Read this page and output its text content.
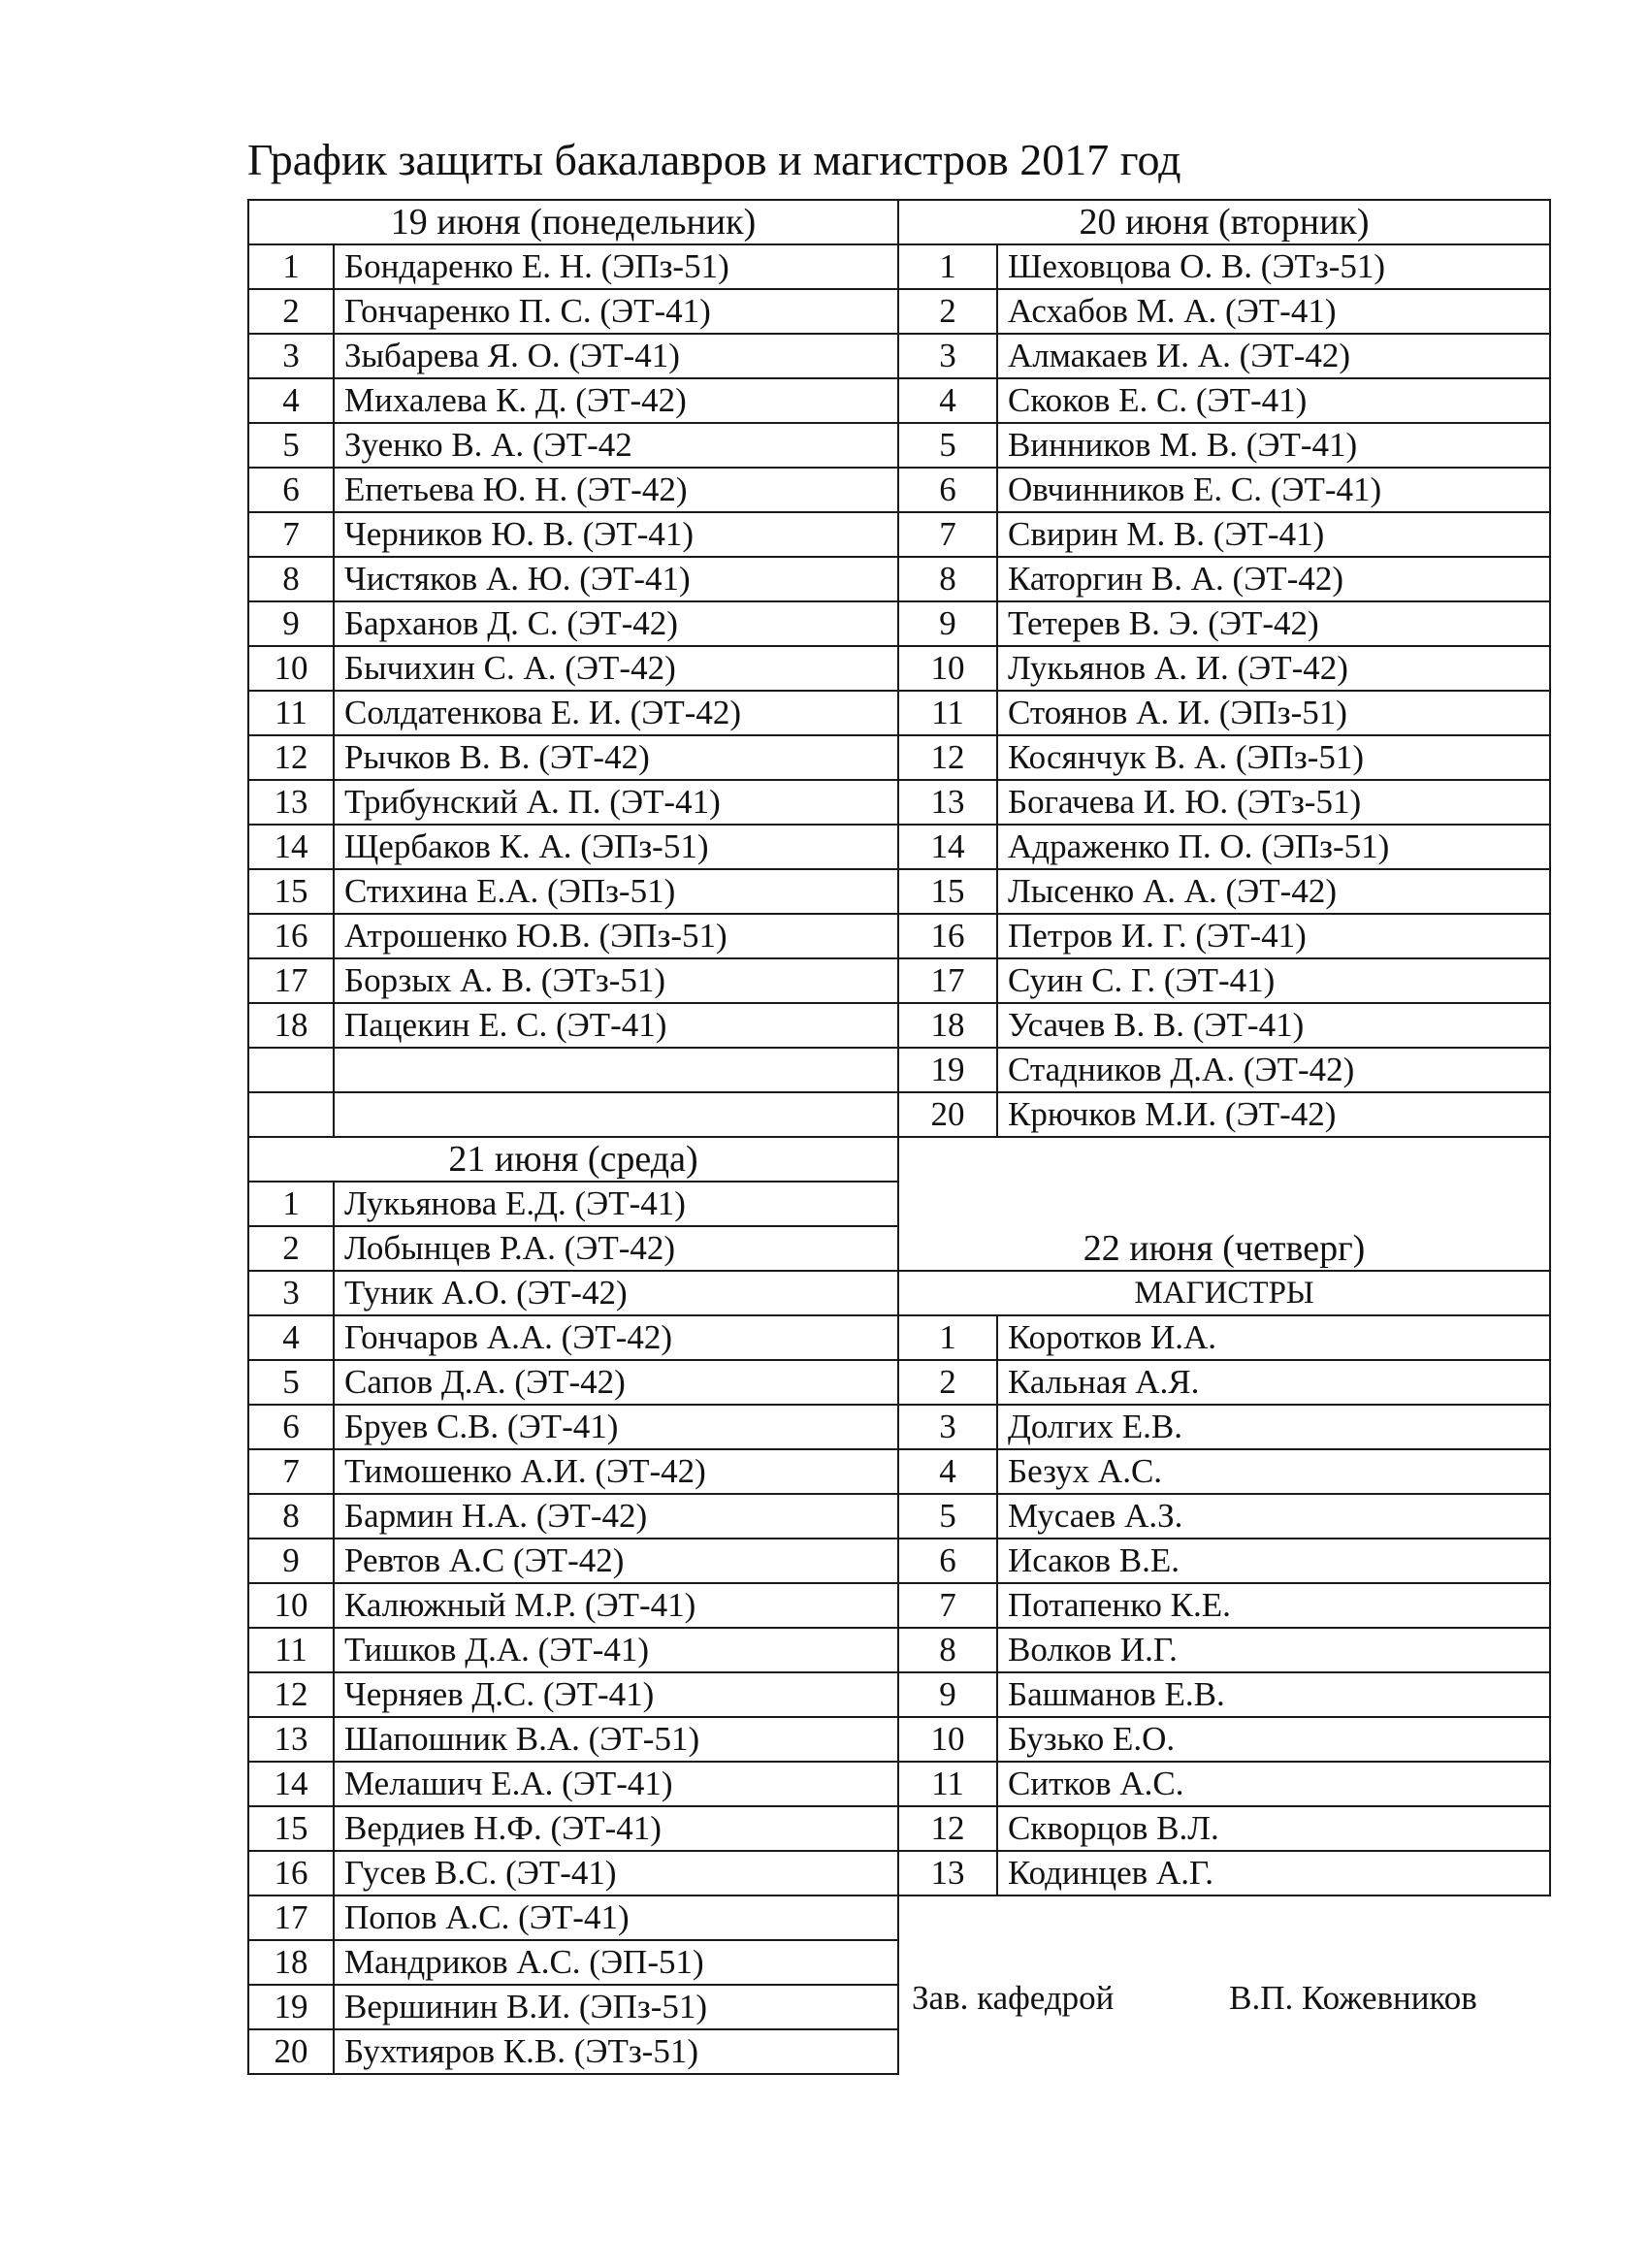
График защиты бакалавров и магистров 2017 год
19 июня (понедельник)		20 июня (вторник)	
1	Бондаренко Е. Н. (ЭПз-51)	1	Шеховцова О. В. (ЭТз-51)
2	Гончаренко П. С. (ЭТ-41)	2	Асхабов М. А. (ЭТ-41)
3	Зыбарева Я. О. (ЭТ-41)	3	Алмакаев И. А. (ЭТ-42)
4	Михалева К. Д. (ЭТ-42)	4	Скоков Е. С. (ЭТ-41)
5	Зуенко В. А. (ЭТ-42	5	Винников М. В. (ЭТ-41)
6	Епетьева Ю. Н. (ЭТ-42)	6	Овчинников Е. С. (ЭТ-41)
7	Черников Ю. В. (ЭТ-41)	7	Свирин М. В. (ЭТ-41)
8	Чистяков А. Ю. (ЭТ-41)	8	Каторгин В. А. (ЭТ-42)
9	Барханов Д. С. (ЭТ-42)	9	Тетерев В. Э. (ЭТ-42)
10	Бычихин С. А. (ЭТ-42)	10	Лукьянов А. И. (ЭТ-42)
11	Солдатенкова Е. И. (ЭТ-42)	11	Стоянов А. И. (ЭПз-51)
12	Рычков В. В. (ЭТ-42)	12	Косянчук В. А. (ЭПз-51)
13	Трибунский А. П. (ЭТ-41)	13	Богачева И. Ю. (ЭТз-51)
14	Щербаков К. А. (ЭПз-51)	14	Адраженко П. О. (ЭПз-51)
15	Стихина Е.А. (ЭПз-51)	15	Лысенко А. А. (ЭТ-42)
16	Атрошенко Ю.В. (ЭПз-51)	16	Петров И. Г. (ЭТ-41)
17	Борзых А. В. (ЭТз-51)	17	Суин С. Г. (ЭТ-41)
18	Пацекин Е. С. (ЭТ-41)	18	Усачев В. В. (ЭТ-41)
		19	Стадников Д.А. (ЭТ-42)
		20	Крючков М.И. (ЭТ-42)
21 июня (среда)			
1	Лукьянова Е.Д. (ЭТ-41)		
2	Лобынцев Р.А. (ЭТ-42)	22 июня (четверг)	
3	Туник А.О. (ЭТ-42)	МАГИСТРЫ	
4	Гончаров А.А. (ЭТ-42)	1	Коротков И.А.
5	Сапов Д.А. (ЭТ-42)	2	Кальная А.Я.
6	Бруев С.В. (ЭТ-41)	3	Долгих Е.В.
7	Тимошенко А.И. (ЭТ-42)	4	Безух А.С.
8	Бармин Н.А. (ЭТ-42)	5	Мусаев А.З.
9	Ревтов А.С (ЭТ-42)	6	Исаков В.Е.
10	Калюжный М.Р. (ЭТ-41)	7	Потапенко К.Е.
11	Тишков Д.А. (ЭТ-41)	8	Волков И.Г.
12	Черняев Д.С. (ЭТ-41)	9	Башманов Е.В.
13	Шапошник В.А. (ЭТ-51)	10	Бузько Е.О.
14	Мелашич Е.А. (ЭТ-41)	11	Ситков А.С.
15	Вердиев Н.Ф. (ЭТ-41)	12	Скворцов В.Л.
16	Гусев В.С. (ЭТ-41)	13	Кодинцев А.Г.
17	Попов А.С. (ЭТ-41)		
18	Мандриков А.С. (ЭП-51)		
19	Вершинин В.И. (ЭПз-51)		
20	Бухтияров К.В. (ЭТз-51)		
Зав. кафедрой	В.П. Кожевников
